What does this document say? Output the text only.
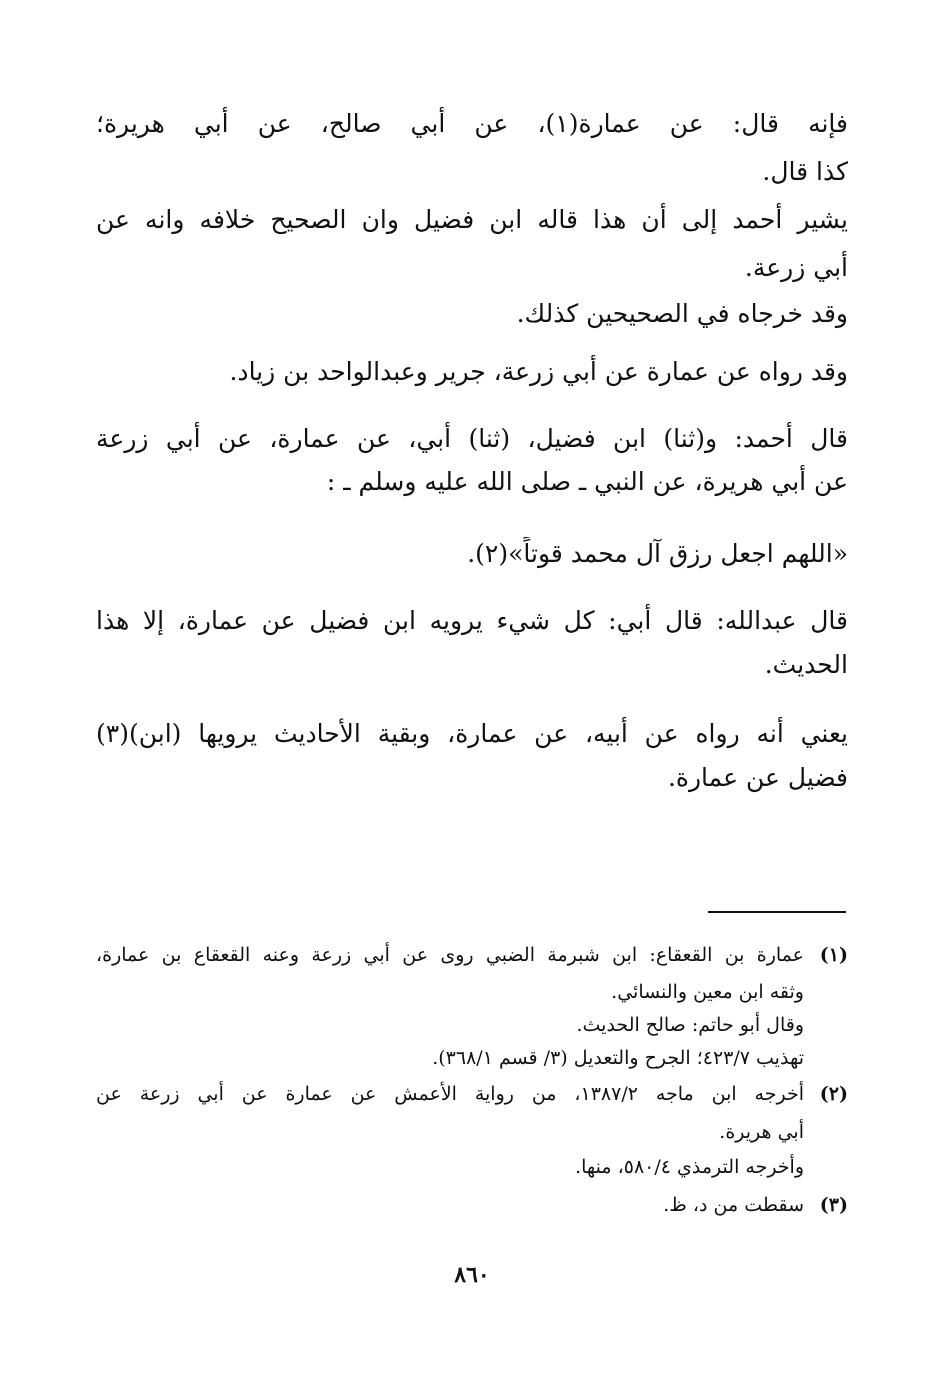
فإنه قال: عن عمارة(١)، عن أبي صالح، عن أبي هريرة؛
كذا قال.
يشير أحمد إلى أن هذا قاله ابن فضيل وان الصحيح خلافه وانه عن
أبي زرعة.
وقد خرجاه في الصحيحين كذلك.
وقد رواه عن عمارة عن أبي زرعة، جرير وعبدالواحد بن زياد.
قال أحمد: و(ثنا) ابن فضيل، (ثنا) أبي، عن عمارة، عن أبي زرعة
عن أبي هريرة، عن النبي ـ صلى الله عليه وسلم ـ :
«اللهم اجعل رزق آل محمد قوتاً»(٢).
قال عبدالله: قال أبي: كل شيء يرويه ابن فضيل عن عمارة، إلا هذا
الحديث.
يعني أنه رواه عن أبيه، عن عمارة، وبقية الأحاديث يرويها (ابن)(٣)
فضيل عن عمارة.
(١)عمارة بن القعقاع: ابن شبرمة الضبي روى عن أبي زرعة وعنه القعقاع بن عمارة،
وثقه ابن معين والنسائي.
وقال أبو حاتم: صالح الحديث.
تهذيب ٤٢٣/٧؛ الجرح والتعديل (٣/ قسم ٣٦٨/١).
(٢)أخرجه ابن ماجه ١٣٨٧/٢، من رواية الأعمش عن عمارة عن أبي زرعة عن
أبي هريرة.
وأخرجه الترمذي ٥٨٠/٤، منها.
(٣)سقطت من د، ظ.
٨٦٠
